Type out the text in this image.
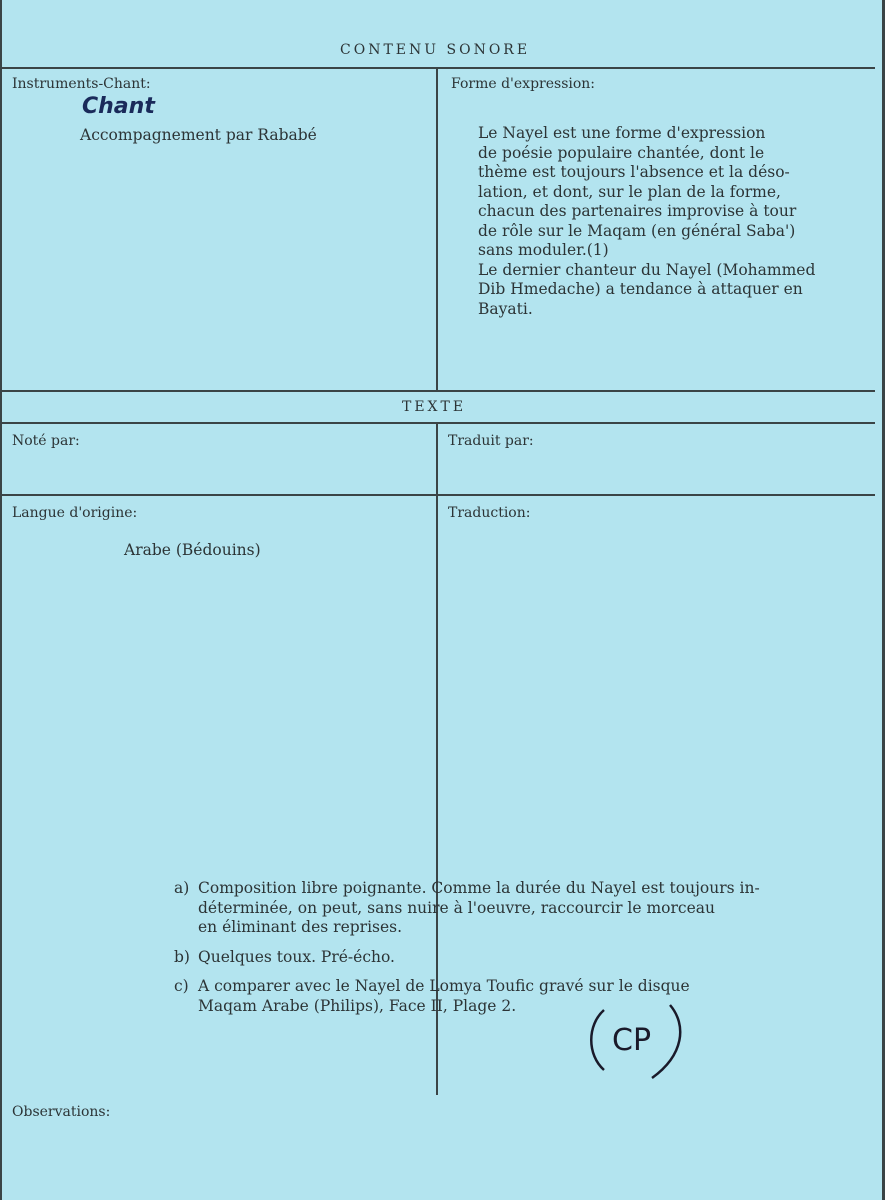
CONTENU SONORE
Instruments-Chant:
Chant
Accompagnement par Rababé
Forme d'expression:
Le Nayel est une forme d'expression
de poésie populaire chantée, dont le
thème est toujours l'absence et la déso-
lation, et dont, sur le plan de la forme,
chacun des partenaires improvise à tour
de rôle sur le Maqam (en général Saba')
sans moduler.(1)
Le dernier chanteur du Nayel (Mohammed
Dib Hmedache) a tendance à attaquer en
Bayati.
TEXTE
Noté par:	Traduit par:
Langue d'origine:
Arabe (Bédouins)
Traduction:
a) Composition libre poignante. Comme la durée du Nayel est toujours in-
déterminée, on peut, sans nuire à l'oeuvre, raccourcir le morceau
en éliminant des reprises.
b) Quelques toux. Pré-écho.
c) A comparer avec le Nayel de Lomya Toufic gravé sur le disque
Maqam Arabe (Philips), Face II, Plage 2.
CP
Observations:
